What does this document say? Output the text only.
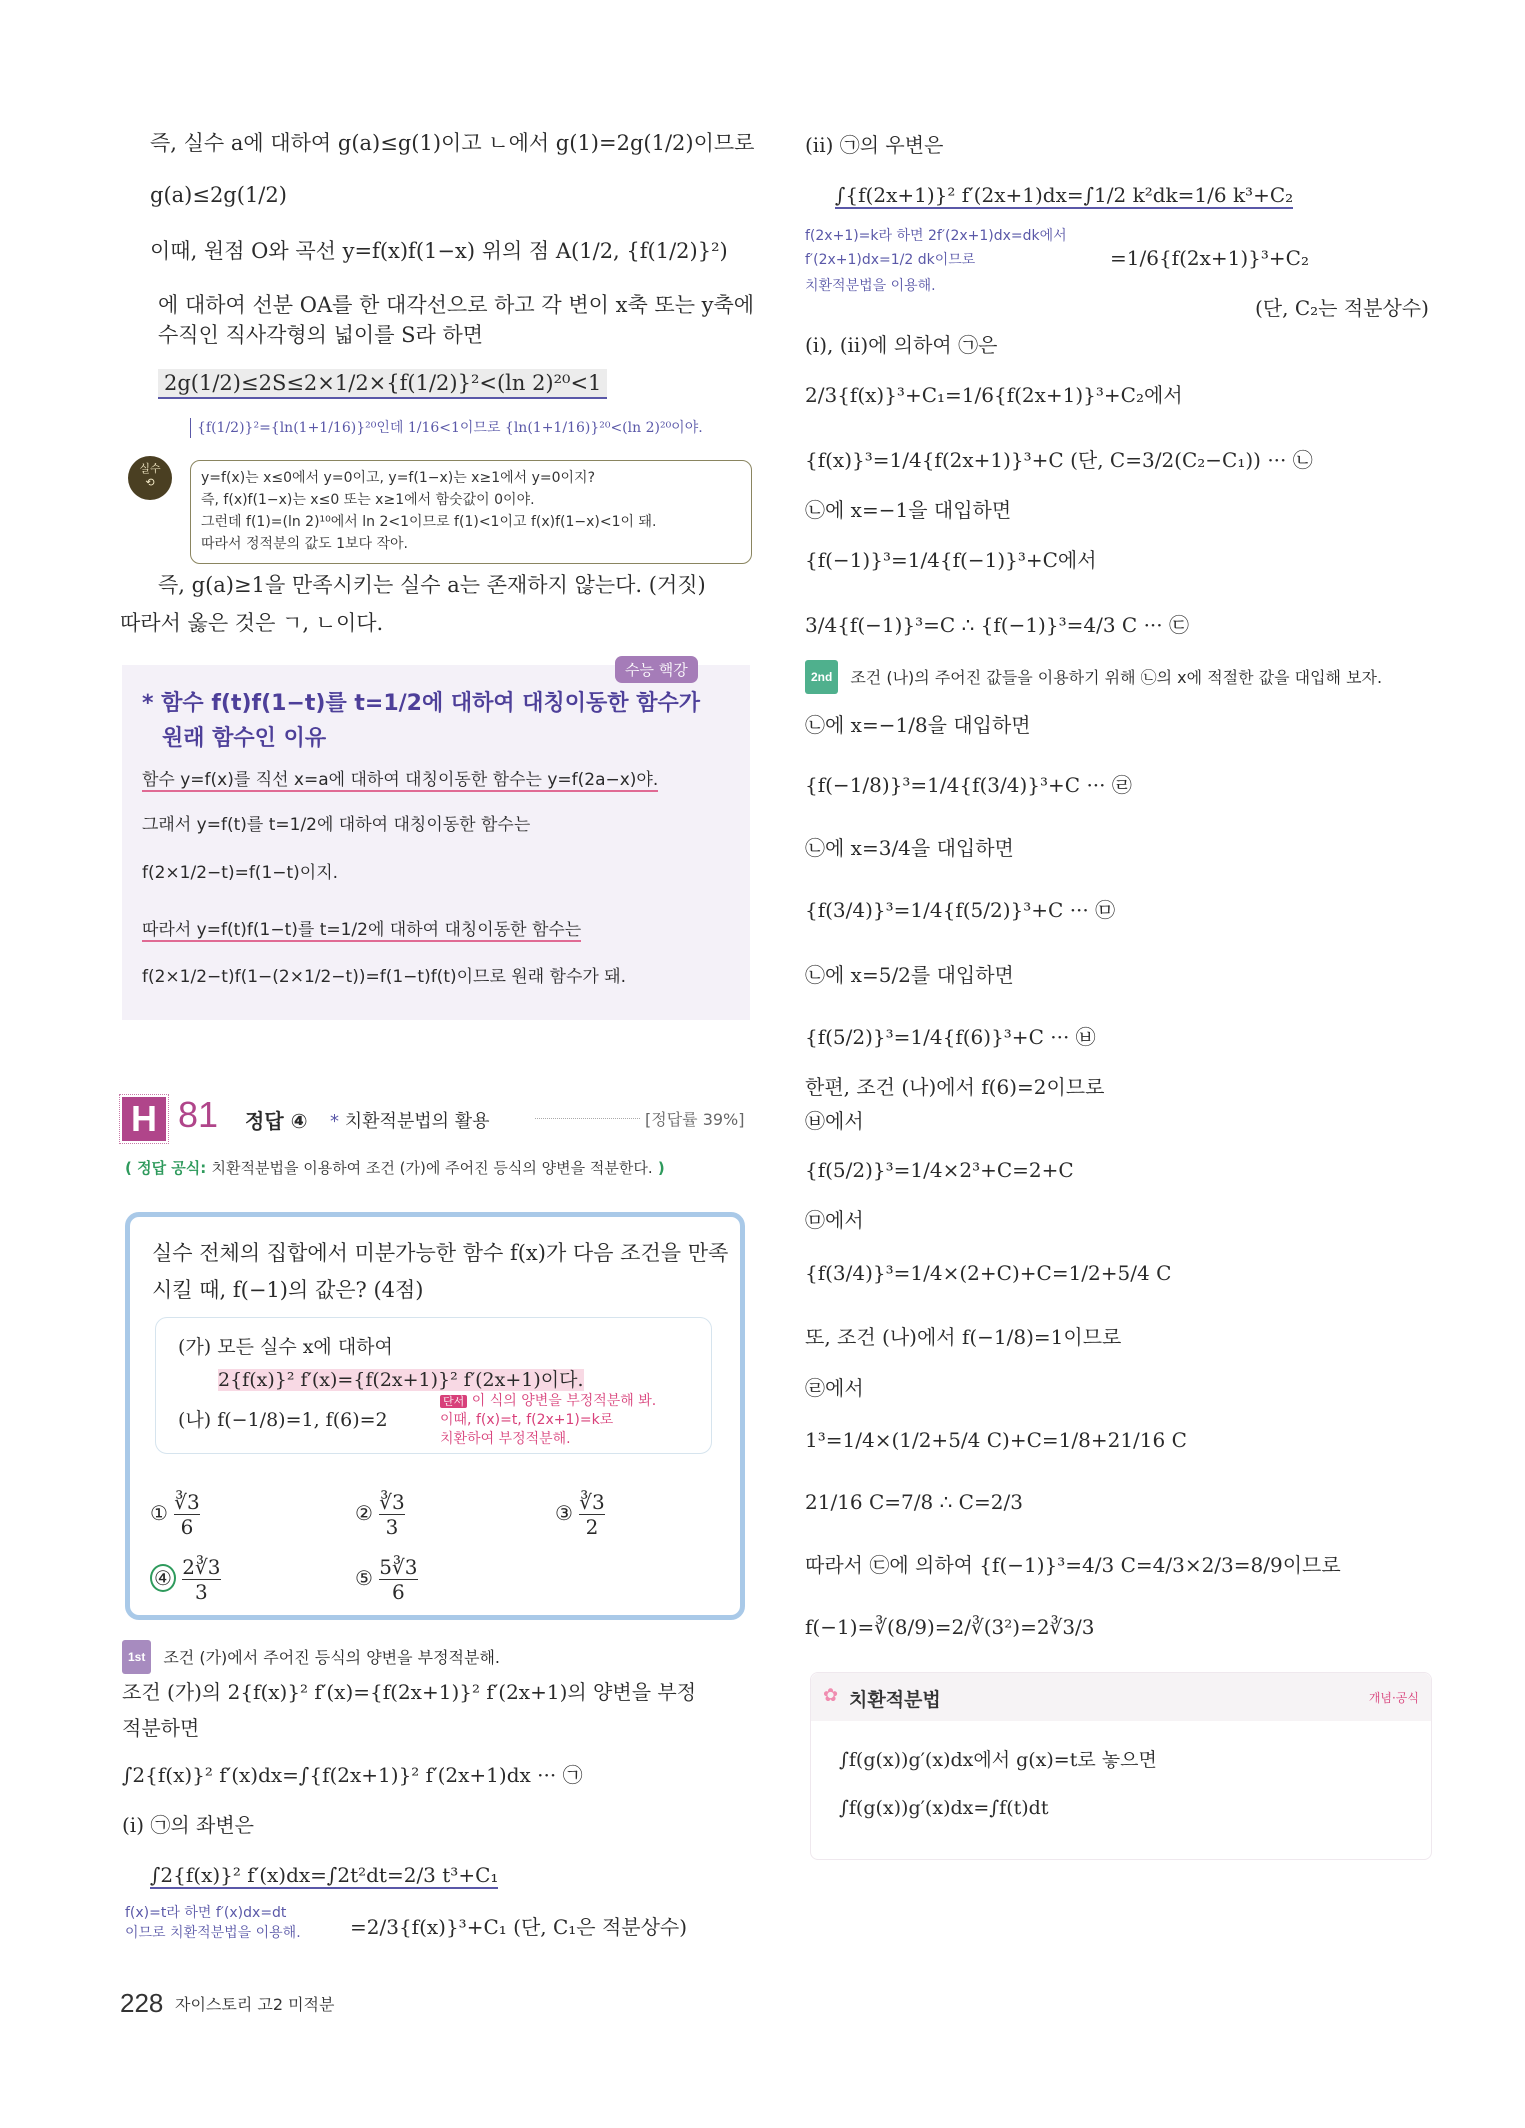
즉, 실수 a에 대하여 g(a)≤g(1)이고 ㄴ에서 g(1)=2g(1/2)이므로
g(a)≤2g(1/2)
이때, 원점 O와 곡선 y=f(x)f(1−x) 위의 점 A(1/2, {f(1/2)}²)
에 대하여 선분 OA를 한 대각선으로 하고 각 변이 x축 또는 y축에
수직인 직사각형의 넓이를 S라 하면
2g(1/2)≤2S≤2×1/2×{f(1/2)}²<(ln 2)²⁰<1
{f(1/2)}²={ln(1+1/16)}²⁰인데 1/16<1이므로 {ln(1+1/16)}²⁰<(ln 2)²⁰이야.
실수
⟲	y=f(x)는 x≤0에서 y=0이고, y=f(1−x)는 x≥1에서 y=0이지?
즉, f(x)f(1−x)는 x≤0 또는 x≥1에서 함숫값이 0이야.
그런데 f(1)=(ln 2)¹⁰에서 ln 2<1이므로 f(1)<1이고 f(x)f(1−x)<1이 돼.
따라서 정적분의 값도 1보다 작아.
즉, g(a)≥1을 만족시키는 실수 a는 존재하지 않는다. (거짓)
따라서 옳은 것은 ㄱ, ㄴ이다.
수능 핵강
* 함수 f(t)f(1−t)를 t=1/2에 대하여 대칭이동한 함수가
원래 함수인 이유
함수 y=f(x)를 직선 x=a에 대하여 대칭이동한 함수는 y=f(2a−x)야.
그래서 y=f(t)를 t=1/2에 대하여 대칭이동한 함수는
f(2×1/2−t)=f(1−t)이지.
따라서 y=f(t)f(1−t)를 t=1/2에 대하여 대칭이동한 함수는
f(2×1/2−t)f(1−(2×1/2−t))=f(1−t)f(t)이므로 원래 함수가 돼.
H 81 정답 ④ * 치환적분법의 활용	[정답률 39%]
( 정답 공식: 치환적분법을 이용하여 조건 (가)에 주어진 등식의 양변을 적분한다. )
실수 전체의 집합에서 미분가능한 함수 f(x)가 다음 조건을 만족
시킬 때, f(−1)의 값은? (4점)
(가) 모든 실수 x에 대하여
2{f(x)}² f′(x)={f(2x+1)}² f′(2x+1)이다.
(나) f(−1/8)=1, f(6)=2
단서 이 식의 양변을 부정적분해 봐.
이때, f(x)=t, f(2x+1)=k로
치환하여 부정적분해.
① $\frac{∛3}{6}$	② $\frac{∛3}{3}$	③ $\frac{∛3}{2}$
④ $\frac{2∛3}{3}$	⑤ $\frac{5∛3}{6}$
1st 조건 (가)에서 주어진 등식의 양변을 부정적분해.
조건 (가)의 2{f(x)}² f′(x)={f(2x+1)}² f′(2x+1)의 양변을 부정
적분하면
∫2{f(x)}² f′(x)dx=∫{f(2x+1)}² f′(2x+1)dx ··· ㉠
(i) ㉠의 좌변은
∫2{f(x)}² f′(x)dx=∫2t²dt=2/3 t³+C₁
f(x)=t라 하면 f′(x)dx=dt
이므로 치환적분법을 이용해. =2/3{f(x)}³+C₁ (단, C₁은 적분상수)
(ii) ㉠의 우변은
∫{f(2x+1)}² f′(2x+1)dx=∫1/2 k²dk=1/6 k³+C₂
f(2x+1)=k라 하면 2f′(2x+1)dx=dk에서
f′(2x+1)dx=1/2 dk이므로
치환적분법을 이용해.
=1/6{f(2x+1)}³+C₂
(단, C₂는 적분상수)
(i), (ii)에 의하여 ㉠은
2/3{f(x)}³+C₁=1/6{f(2x+1)}³+C₂에서
{f(x)}³=1/4{f(2x+1)}³+C (단, C=3/2(C₂−C₁)) ··· ㉡
㉡에 x=−1을 대입하면
{f(−1)}³=1/4{f(−1)}³+C에서
3/4{f(−1)}³=C ∴ {f(−1)}³=4/3 C ··· ㉢
2nd 조건 (나)의 주어진 값들을 이용하기 위해 ㉡의 x에 적절한 값을 대입해 보자.
㉡에 x=−1/8을 대입하면
{f(−1/8)}³=1/4{f(3/4)}³+C ··· ㉣
㉡에 x=3/4을 대입하면
{f(3/4)}³=1/4{f(5/2)}³+C ··· ㉤
㉡에 x=5/2를 대입하면
{f(5/2)}³=1/4{f(6)}³+C ··· ㉥
한편, 조건 (나)에서 f(6)=2이므로
㉥에서
{f(5/2)}³=1/4×2³+C=2+C
㉤에서
{f(3/4)}³=1/4×(2+C)+C=1/2+5/4 C
또, 조건 (나)에서 f(−1/8)=1이므로
㉣에서
1³=1/4×(1/2+5/4 C)+C=1/8+21/16 C
21/16 C=7/8 ∴ C=2/3
따라서 ㉢에 의하여 {f(−1)}³=4/3 C=4/3×2/3=8/9이므로
f(−1)=∛(8/9)=2/∛(3²)=2∛3/3
✿ 치환적분법	개념·공식
∫f(g(x))g′(x)dx에서 g(x)=t로 놓으면
∫f(g(x))g′(x)dx=∫f(t)dt
228 자이스토리 고2 미적분
